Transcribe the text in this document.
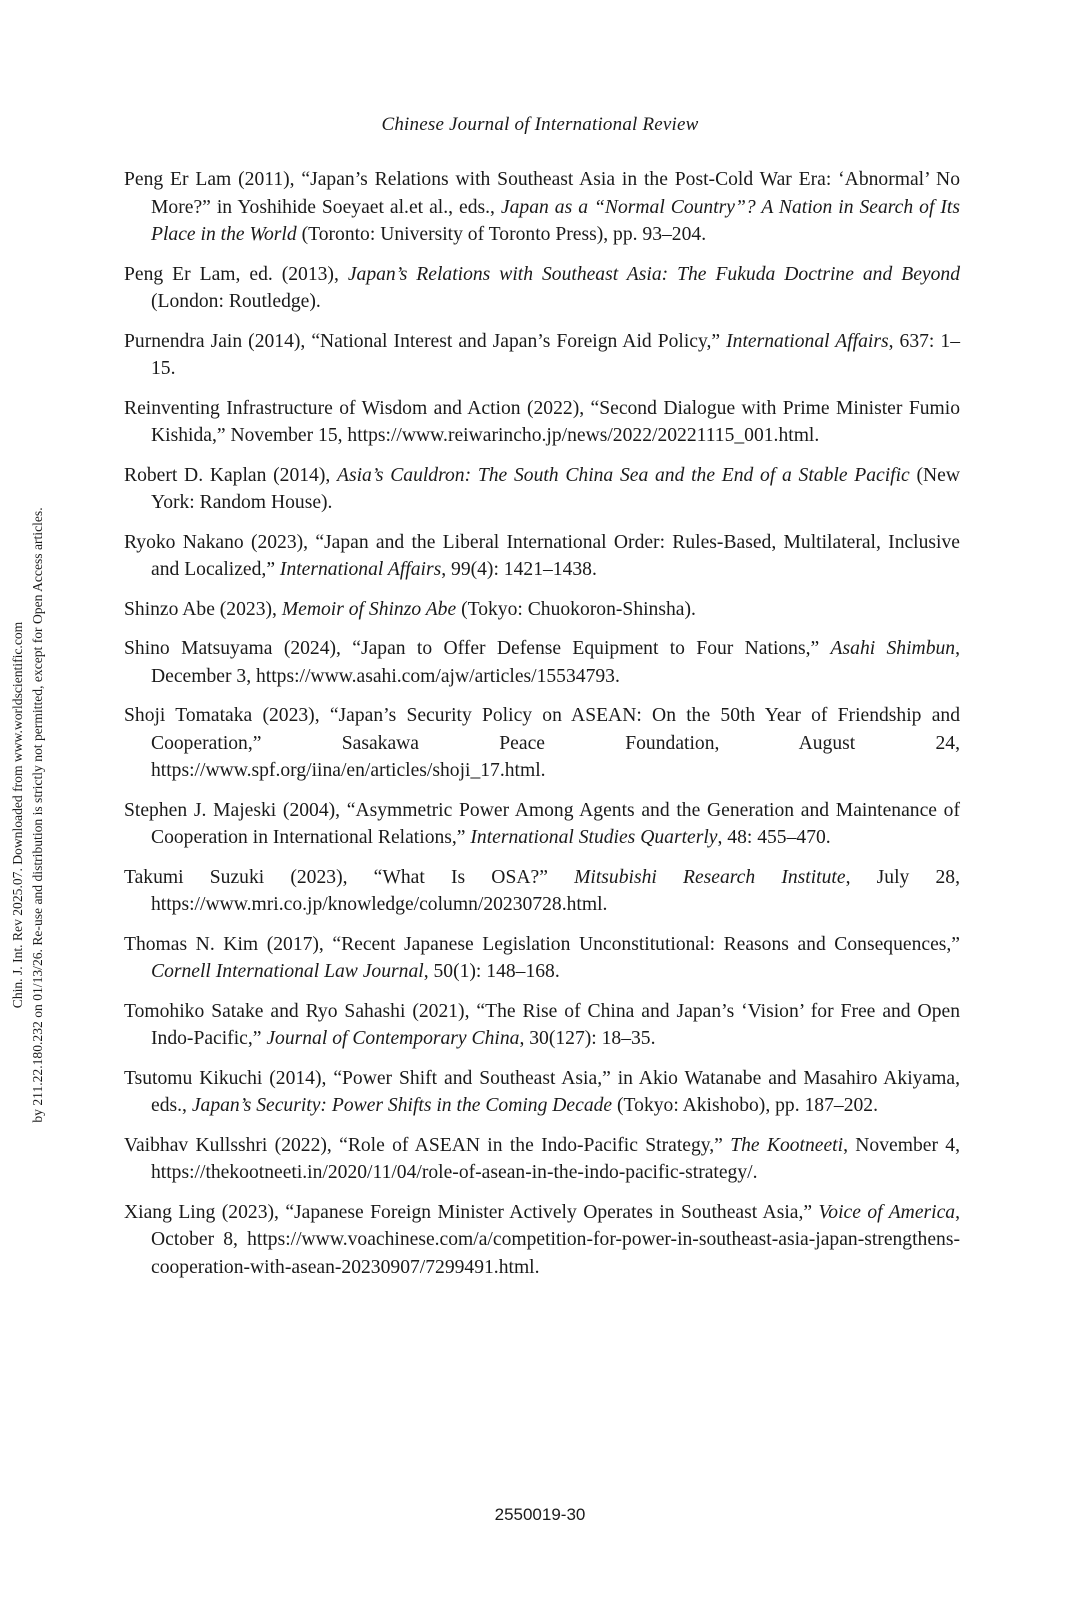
Chinese Journal of International Review
Chin. J. Int. Rev 2025.07. Downloaded from www.worldscientific.com by 211.22.180.232 on 01/13/26. Re-use and distribution is strictly not permitted, except for Open Access articles.
Peng Er Lam (2011), “Japan’s Relations with Southeast Asia in the Post-Cold War Era: ‘Abnormal’ No More?” in Yoshihide Soeyaet al.et al., eds., Japan as a “Normal Country”? A Nation in Search of Its Place in the World (Toronto: University of Toronto Press), pp. 93–204.
Peng Er Lam, ed. (2013), Japan’s Relations with Southeast Asia: The Fukuda Doctrine and Beyond (London: Routledge).
Purnendra Jain (2014), “National Interest and Japan’s Foreign Aid Policy,” International Affairs, 637: 1–15.
Reinventing Infrastructure of Wisdom and Action (2022), “Second Dialogue with Prime Minister Fumio Kishida,” November 15, https://www.reiwarincho.jp/news/2022/20221115_001.html.
Robert D. Kaplan (2014), Asia’s Cauldron: The South China Sea and the End of a Stable Pacific (New York: Random House).
Ryoko Nakano (2023), “Japan and the Liberal International Order: Rules-Based, Multilateral, Inclusive and Localized,” International Affairs, 99(4): 1421–1438.
Shinzo Abe (2023), Memoir of Shinzo Abe (Tokyo: Chuokoron-Shinsha).
Shino Matsuyama (2024), “Japan to Offer Defense Equipment to Four Nations,” Asahi Shimbun, December 3, https://www.asahi.com/ajw/articles/15534793.
Shoji Tomataka (2023), “Japan’s Security Policy on ASEAN: On the 50th Year of Friendship and Cooperation,” Sasakawa Peace Foundation, August 24, https://www.spf.org/iina/en/articles/shoji_17.html.
Stephen J. Majeski (2004), “Asymmetric Power Among Agents and the Generation and Maintenance of Cooperation in International Relations,” International Studies Quarterly, 48: 455–470.
Takumi Suzuki (2023), “What Is OSA?” Mitsubishi Research Institute, July 28, https://www.mri.co.jp/knowledge/column/20230728.html.
Thomas N. Kim (2017), “Recent Japanese Legislation Unconstitutional: Reasons and Consequences,” Cornell International Law Journal, 50(1): 148–168.
Tomohiko Satake and Ryo Sahashi (2021), “The Rise of China and Japan’s ‘Vision’ for Free and Open Indo-Pacific,” Journal of Contemporary China, 30(127): 18–35.
Tsutomu Kikuchi (2014), “Power Shift and Southeast Asia,” in Akio Watanabe and Masahiro Akiyama, eds., Japan’s Security: Power Shifts in the Coming Decade (Tokyo: Akishobo), pp. 187–202.
Vaibhav Kullsshri (2022), “Role of ASEAN in the Indo-Pacific Strategy,” The Kootneeti, November 4, https://thekootneeti.in/2020/11/04/role-of-asean-in-the-indo-pacific-strategy/.
Xiang Ling (2023), “Japanese Foreign Minister Actively Operates in Southeast Asia,” Voice of America, October 8, https://www.voachinese.com/a/competition-for-power-in-southeast-asia-japan-strengthens-cooperation-with-asean-20230907/7299491.html.
2550019-30
